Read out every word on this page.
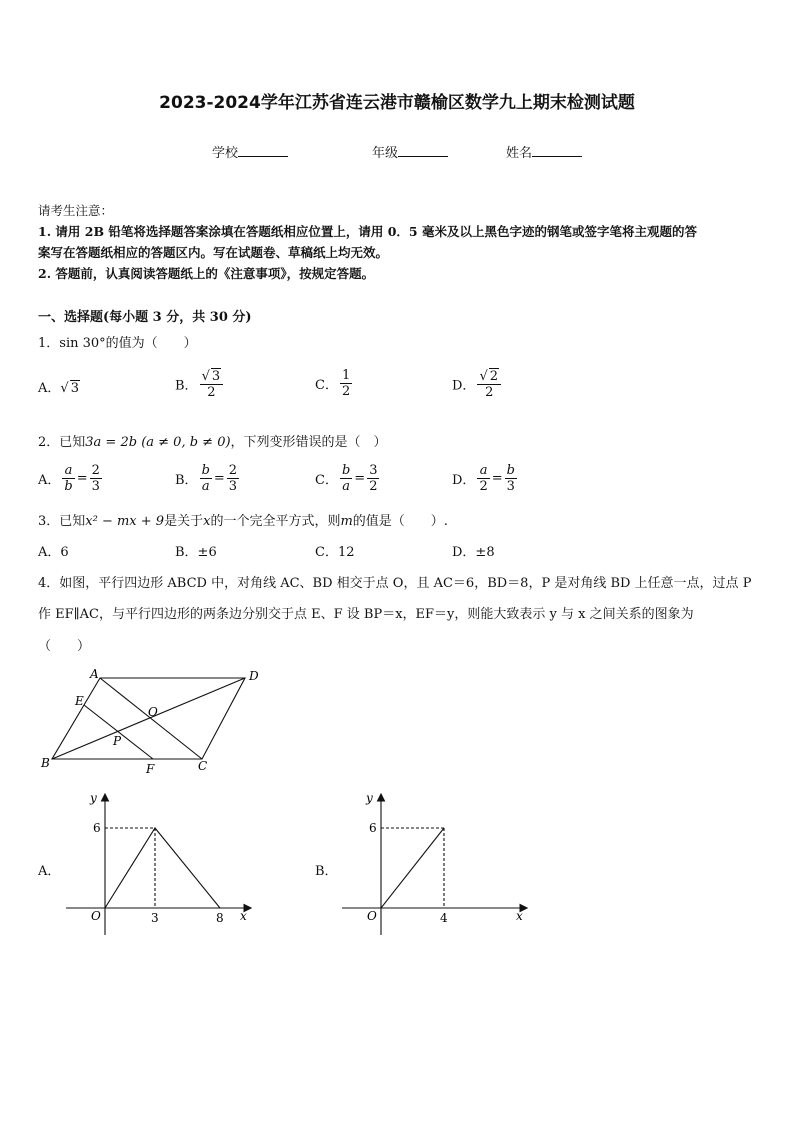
2023-2024学年江苏省连云港市赣榆区数学九上期末检测试题
学校	年级	姓名
请考生注意：
1. 请用 2B 铅笔将选择题答案涂填在答题纸相应位置上，请用 0．5 毫米及以上黑色字迹的钢笔或签字笔将主观题的答
案写在答题纸相应的答题区内。写在试题卷、草稿纸上均无效。
2. 答题前，认真阅读答题纸上的《注意事项》，按规定答题。
一、选择题(每小题 3 分，共 30 分)
1．sin 30°的值为（　　）
A．√ 3	B． $\frac{√ 3}{2}$	C． $\frac{1}{2}$	D． $\frac{√ 2}{2}$
2．已知3a = 2b (a ≠ 0, b ≠ 0)，下列变形错误的是（　）
A． $\frac{a}{b} = \frac{2}{3}$	B． $\frac{b}{a} = \frac{2}{3}$	C． $\frac{b}{a} = \frac{3}{2}$	D． $\frac{a}{2} = \frac{b}{3}$
3．已知x² − mx + 9是关于x的一个完全平方式，则m的值是（　　）.
A．6	B．±6	C．12	D．±8
4．如图，平行四边形 ABCD 中，对角线 AC、BD 相交于点 O，且 AC＝6，BD＝8，P 是对角线 BD 上任意一点，过点 P
作 EF∥AC，与平行四边形的两条边分别交于点 E、F 设 BP＝x，EF＝y，则能大致表示 y 与 x 之间关系的图象为
（　　）
A	D
B	C
E
F
O
P
A．
y
x
O
6
3	8
B．
y
x
O
6
4
